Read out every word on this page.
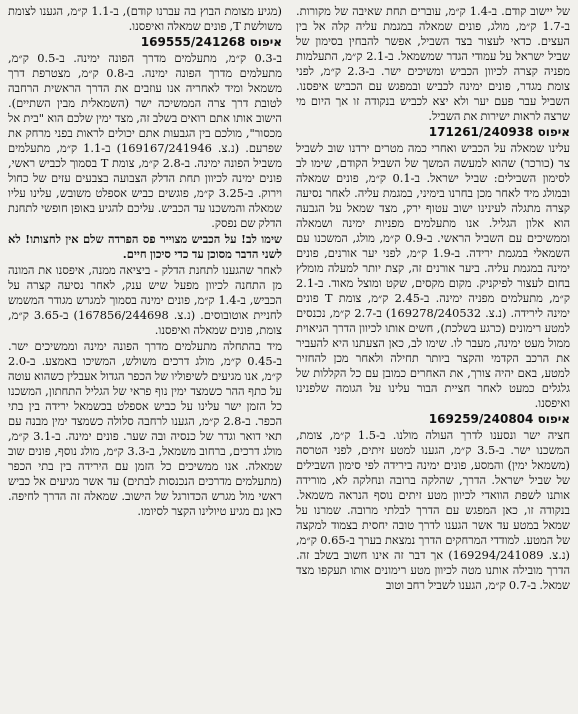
של יישוב קודם. ב-1.4 ק״מ, עוברים תחת שאיבה של מקורות. ב-1.7 ק״מ, מולג, פונים שמאלה במגמת עליה קלה אל בין העצים. כדאי לעצור בצד השביל, אפשר להבחין בסימון של שביל ישראל על עמודי הגדר שמשמאל. ב-2.1 ק״מ, התעלמות מפניה קצרה לכיוון הכביש ומשיכים ישר. ב-2.3 ק״מ, לפני צומת מגדר, פונים ימינה לכביש ובמפגש עם הכביש איפסנו. השביל עבר פעם יער ולא יצא לכביש בנקודה זו אך היום מי שרצה לראות ישירות את השביל.

איפוס 171261/240938

עלינו שמאלה על הכביש ואחרי כמה מטרים ירדנו שוב לשביל צר (כורכר) שהוא למעשה המשך של השביל הקודם, שימו לב לסימון השבילים: שביל ישראל. ב-0.1 ק״מ, פונים שמאלה ובמולג מיד לאחר מכן בחרנו בימיני, במגמת עליה. לאחר נסיעה קצרה מתגלה לעינינו ישוב עטוף ירק, מצד שמאל על הגבעה הוא אלון הגליל. אנו מתעלמים מפניות ימינה ושמאלה וממשיכים עם השביל הראשי. ב-0.9 ק״מ, מולג, המשכנו עם השמאלי במגמת ירידה. ב-1.9 ק״מ, לפני יער אורנים, פונים ימינה במגמת עליה. ביער אורנים זה, קצת יותר למעלה מומלץ בחום לעצור לפיקניק. מקום מקסים, שקט ומוצל מאוד. ב-2.1 ק״מ, מתעלמים מפניה ימינה. ב-2.45 ק״מ, צומת T פונים ימינה לירידה. (נ.צ. 169278/240532) ב-2.7 ק״מ, נכנסים למטע רימונים (כרגע בשלכת), חשים אותו לכיוון הדרך הגיאוית ממול מעט ימינה, מעבר לו. שימו לב, כאן הצעתנו היא להעביר את הרכב הקדמי והקצר ביותר תחילה ולאחר מכן להחזיר למטע, באם יהיה צורך, את האחרים כמובן עם כל הקללות של גלגלים כמעט לאחר חציית הבור עלינו על הגומה שלפנינו ואיפסנו.

איפוס 169259/240804

חציה ישר ונסענו לדרך העולה מולנו. ב-1.5 ק״מ, צומת, המשכנו ישר. ב-3.5 ק״מ, הגענו למטע זיתים, לפני הטרסה (משמאל ימין) והמסע, פונים ימינה בירידה לפי סימון השבילים של שביל ישראל. הדרך, שהלקה ברובה ונחלקה לא, מורידה אותנו לשפת הוואדי לכיוון מטע זיתים נוסף הנראה משמאל. בנקודה זו, כאן המפגש עם הדרך לבלתי מרובה. שמרנו על שמאל במטע עד אשר הגענו לדרך טובה יחסית בצמוד למקצה של המטע. למודדי המרחקים הדרך נמצאת בערך ב-0.65 ק״מ, (נ.צ. 169294/241089) אך דבר זה אינו חשוב בשלב זה. הדרך מובילה אותנו מטה לכיוון מטע רימונים אותו תעקפו מצד שמאל. ב-0.7 ק״מ, הגענו לשביל רחב וטוב

(מגיע מצומת הבוץ בה עברנו קודם), ב-1.1 ק״מ, הגענו לצומת משולשת T, פונים שמאלה ואיפסנו.

איפוס 169555/241268

ב-0.3 ק״מ, מתעלמים מדרך הפונה ימינה. ב-0.5 ק״מ, מתעלמים מדרך הפונה ימינה. ב-0.8 ק״מ, מצטרפת דרך משמאל ומיד לאחריה אנו עוזבים את הדרך הראשית הרחבה לטובת דרך צרה הממשיכה ישר (השמאלית מבין השתיים). הישוב אותו אתם רואים בשלב זה, מצד ימין שלכם הוא "בית אל מכסור", מולכם בין הגבעות אתם יכולים לראות בפני מרחק את שפרעם. (נ.צ. 169167/241946) ב-1.1 ק״מ, מתעלמים משביל הפונה ימינה. ב-2.8 ק״מ, צומת T בסמוך לכביש ראשי, פונים ימינה לכיוון תחת הדלק הצבועה בצבעים עזים של כחול וירוק. ב-3.25 ק״מ, פוגשים כביש אספלט משובש, עלינו עליו שמאלה והמשכנו עד הכביש. עליכם להגיע באופן חופשי לתחנת הדלק שם נפסק.

שימו לב! על הכביש מצוייר פס הפרדה שלם אין לחצותו! לא לשני הדבר מסוכן עד כדי סיכון חיים.

לאחר שהגענו לתחנת הדלק - ביציאה ממנה, איפסנו את המונה מן התחנה לכיוון מפעל שיש ענק, לאחר נסיעה קצרה על הכביש, ב-1.4 ק״מ, פונים ימינה בסמוך למגרש מגודר המשמש לחניית אוטובוסים. (נ.צ. 167856/244698) ב-3.65 ק״מ, צומת, פונים שמאלה ואיפסנו.

מיד בהתחלה מתעלמים מדרך הפונה ימינה וממשיכים ישר. ב-0.45 ק״מ, מולג דרכים משולש, המשיכו באמצע. ב-2.0 ק״מ, אנו מגיעים לשיפוליו של הכפר הגדול אעבלין כשהוא עוטה על כתף ההר כשמצד ימין נוף פראי של הגליל התחתון, המשכנו כל הזמן ישר עלינו על כביש אספלט בכשמאל ירידה בין בתי הכפר. ב-2.8 ק״מ, הגענו לרחבה סלולה כשמצד ימין מבנה עם תאי דואר וגדר של כנסיה ובה שער. פונים ימינה. ב-3.1 ק״מ, מולג דרכים, ברחוב משמאל, ב-3.3 ק״מ, מולג נוסף, פונים שוב שמאלה. אנו ממשיכים כל הזמן עם הירידה בין בתי הכפר (מתעלמים מדרכים הנכנסות לבתים) עד אשר מגיעים אל כביש ראשי מול מגרש הכדורגל של הישוב. שמאלה זה הדרך לחיפה. כאן גם מגיע טיולינו הקצר לסיומו.
